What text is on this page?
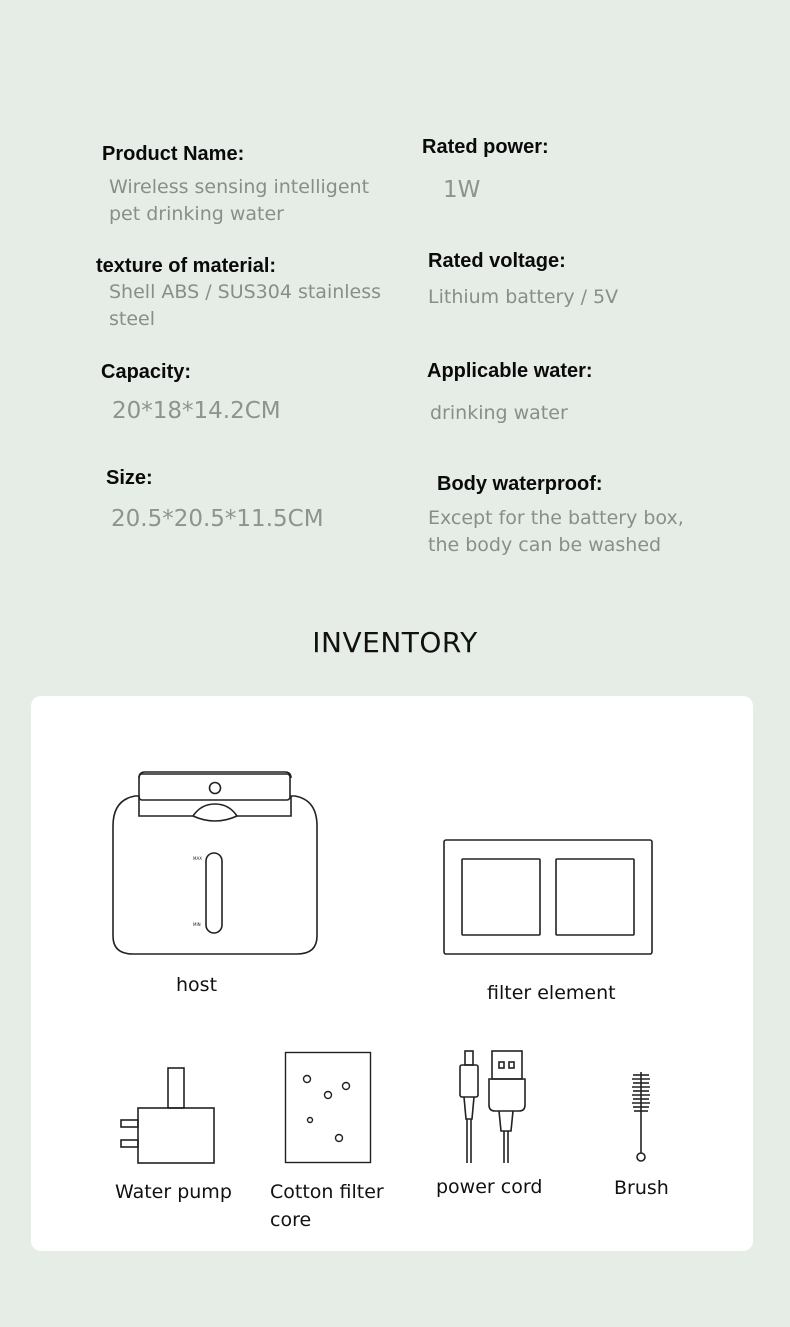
Product Name:
Wireless sensing intelligent pet drinking water
Rated power:
1W
texture of material:
Shell ABS / SUS304 stainless steel
Rated voltage:
Lithium battery / 5V
Capacity:
20*18*14.2CM
Applicable water:
drinking water
Size:
20.5*20.5*11.5CM
Body waterproof:
Except for the battery box, the body can be washed
INVENTORY
MAX
MIN
host	filter element
Water pump Cotton filter core
power cord	Brush
